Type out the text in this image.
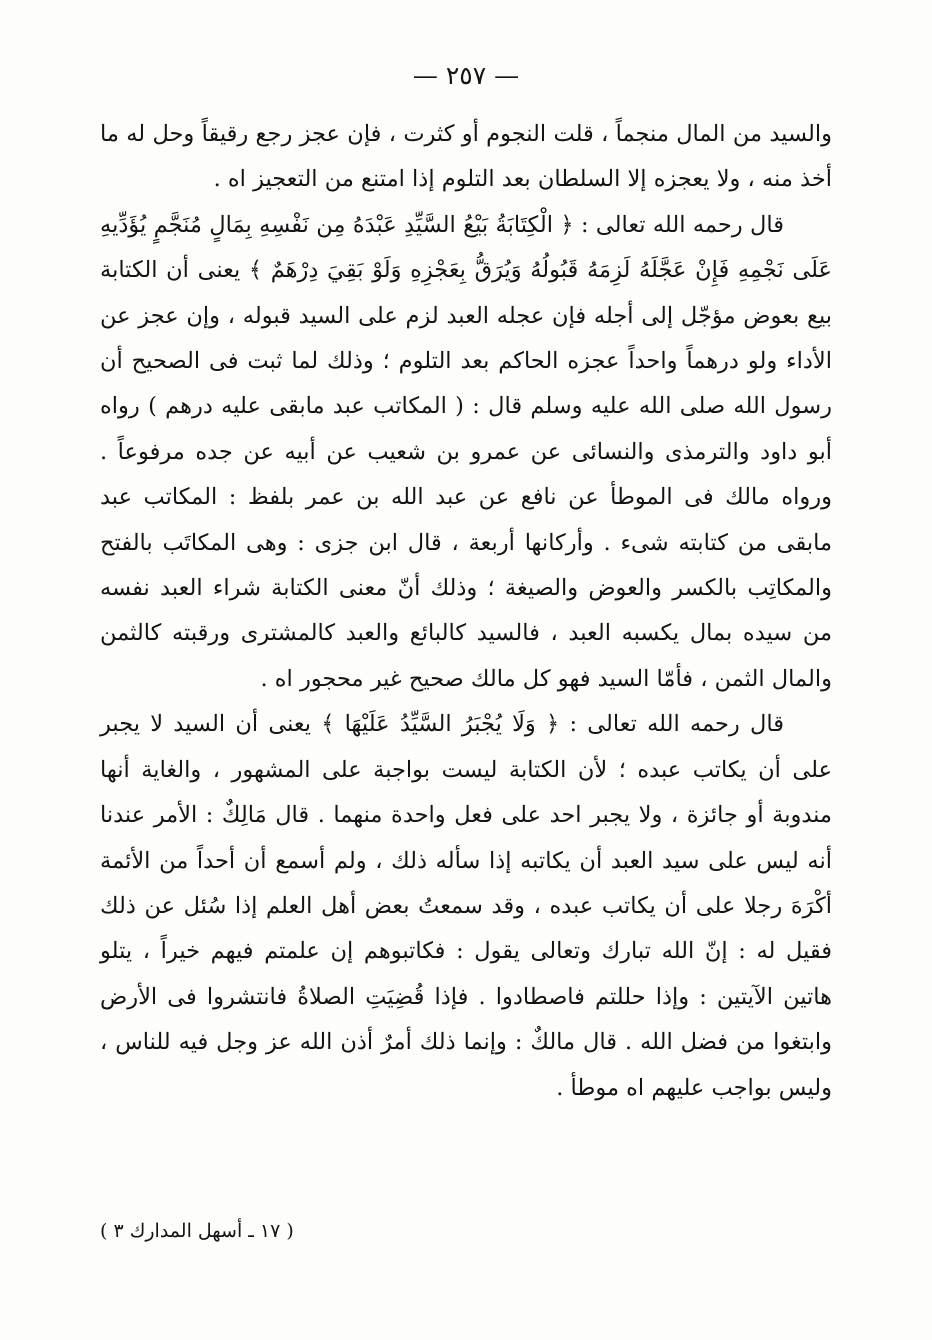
— ٢٥٧ —

والسيد من المال منجماً ، قلت النجوم أو كثرت ، فإن عجز رجع رقيقاً وحل له ما أخذ منه ، ولا يعجزه إلا السلطان بعد التلوم إذا امتنع من التعجيز اه .

قال رحمه الله تعالى : ﴿ الْكِتَابَةُ بَيْعُ السَّيِّدِ عَبْدَهُ مِن نَفْسِهِ بِمَالٍ مُنَجَّمٍ يُؤَدِّيهِ عَلَى نَجْمِهِ فَإِنْ عَجَّلَهُ لَزِمَهُ قَبُولُهُ وَيُرَقُّ بِعَجْزِهِ وَلَوْ بَقِيَ دِرْهَمٌ ﴾ يعنى أن الكتابة بيع بعوض مؤجّل إلى أجله فإن عجله العبد لزم على السيد قبوله ، وإن عجز عن الأداء ولو درهماً واحداً عجزه الحاكم بعد التلوم ؛ وذلك لما ثبت فى الصحيح أن رسول الله صلى الله عليه وسلم قال : ( المكاتب عبد مابقى عليه درهم ) رواه أبو داود والترمذى والنسائى عن عمرو بن شعيب عن أبيه عن جده مرفوعاً . ورواه مالك فى الموطأ عن نافع عن عبد الله بن عمر بلفظ : المكاتب عبد مابقى من كتابته شىء . وأركانها أربعة ، قال ابن جزى : وهى المكاتَب بالفتح والمكاتِب بالكسر والعوض والصيغة ؛ وذلك أنّ معنى الكتابة شراء العبد نفسه من سيده بمال يكسبه العبد ، فالسيد كالبائع والعبد كالمشترى ورقبته كالثمن والمال الثمن ، فأمّا السيد فهو كل مالك صحيح غير محجور اه .

قال رحمه الله تعالى : ﴿ وَلَا يُجْبَرُ السَّيِّدُ عَلَيْهَا ﴾ يعنى أن السيد لا يجبر على أن يكاتب عبده ؛ لأن الكتابة ليست بواجبة على المشهور ، والغاية أنها مندوبة أو جائزة ، ولا يجبر احد على فعل واحدة منهما . قال مَالِكٌ : الأمر عندنا أنه ليس على سيد العبد أن يكاتبه إذا سأله ذلك ، ولم أسمع أن أحداً من الأئمة أكْرَهَ رجلا على أن يكاتب عبده ، وقد سمعتُ بعض أهل العلم إذا سُئل عن ذلك فقيل له : إنّ الله تبارك وتعالى يقول : فكاتبوهم إن علمتم فيهم خيراً ، يتلو هاتين الآيتين : وإذا حللتم فاصطادوا . فإذا قُضِيَتِ الصلاةُ فانتشروا فى الأرض وابتغوا من فضل الله . قال مالكٌ : وإنما ذلك أمرٌ أذن الله عز وجل فيه للناس ، وليس بواجب عليهم اه موطأ .

( ١٧ ـ أسهل المدارك ٣ )
